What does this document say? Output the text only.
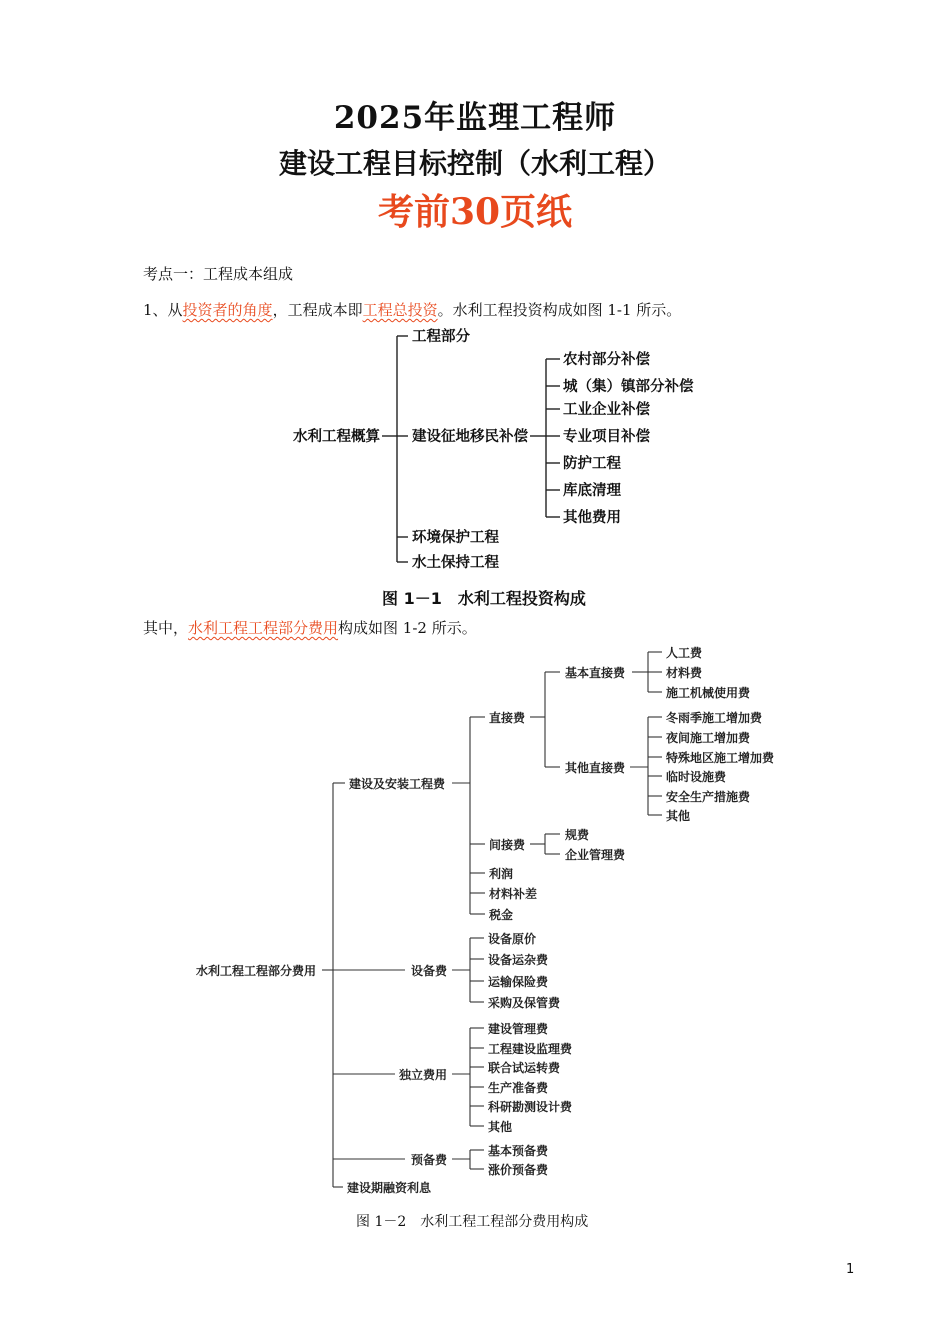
2025年监理工程师
建设工程目标控制（水利工程）
考前30页纸
考点一：工程成本组成
1、从投资者的角度，工程成本即工程总投资。水利工程投资构成如图 1-1 所示。
水利工程概算
工程部分
建设征地移民补偿
环境保护工程
水土保持工程
农村部分补偿
城（集）镇部分补偿
工业企业补偿
专业项目补偿
防护工程
库底清理
其他费用
图 1－1　水利工程投资构成
其中，水利工程工程部分费用构成如图 1-2 所示。
水利工程工程部分费用
建设及安装工程费
设备费
独立费用
预备费
建设期融资利息
直接费
间接费
利润
材料补差
税金
基本直接费
其他直接费
人工费
材料费
施工机械使用费
冬雨季施工增加费
夜间施工增加费
特殊地区施工增加费
临时设施费
安全生产措施费
其他
规费
企业管理费
设备原价
设备运杂费
运输保险费
采购及保管费
建设管理费
工程建设监理费
联合试运转费
生产准备费
科研勘测设计费
其他
基本预备费
涨价预备费
图 1－2　水利工程工程部分费用构成
1
